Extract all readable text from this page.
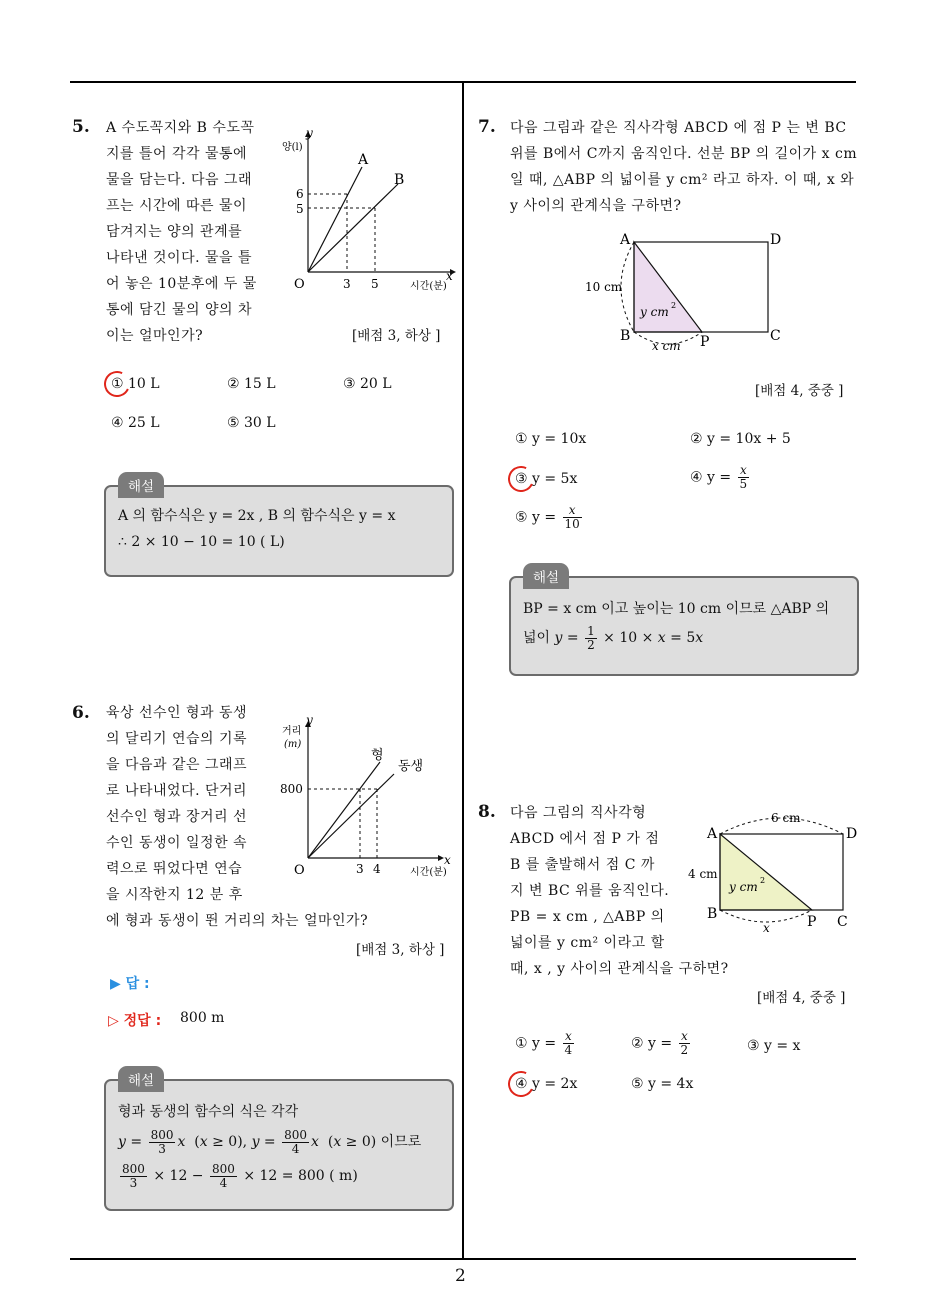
2
5. A 수도꼭지와 B 수도꼭
지를 틀어 각각 물통에
물을 담는다. 다음 그래
프는 시간에 따른 물이
담겨지는 양의 관계를
나타낸 것이다. 물을 틀
어 놓은 10분후에 두 물
통에 담긴 물의 양의 차
이는 얼마인가?
y
양(l)
6
5
O	3 5
x
시간(분)
A
B
[배점 3, 하상 ]
① 10 L	② 15 L	③ 20 L
④ 25 L	⑤ 30 L
해설
A 의 함수식은 y = 2x , B 의 함수식은 y = x
∴ 2 × 10 − 10 = 10 ( L)
6. 육상 선수인 형과 동생
의 달리기 연습의 기록
을 다음과 같은 그래프
로 나타내었다. 단거리
선수인 형과 장거리 선
수인 동생이 일정한 속
력으로 뛰었다면 연습
을 시작한지 12 분 후
에 형과 동생이 뛴 거리의 차는 얼마인가?
y
거리
(m)
800
O	3 4
x
시간(분)
형
동생
[배점 3, 하상 ]
▶ 답 :
▷ 정답 : 800 m
해설
형과 동생의 함수의 식은 각각
$y = \frac{800}{3}$ x  (x ≥ 0), $y = \frac{800}{4}$ x  (x ≥ 0) 이므로
$\frac{800}{3} \times 12 - \frac{800}{4} \times 12 = 800$ ( m)
7. 다음 그림과 같은 직사각형 ABCD 에 점 P 는 변 BC
위를 B에서 C까지 움직인다. 선분 BP 의 길이가 x cm
일 때, △ABP 의 넓이를 y cm² 라고 하자. 이 때, x 와
y 사이의 관계식을 구하면?
A	D
B	C
P
10 cm
y cm 2
x cm
[배점 4, 중중 ]
① y = 10x	② y = 10x + 5
③ y = 5x	④ $y = \frac{x}{5}$
⑤ $y = \frac{x}{10}$
해설
BP = x cm 이고 높이는 10 cm 이므로 △ABP 의
넓이 $y = \frac{1}{2} \times 10 \times x = 5x$
8. 다음 그림의 직사각형
ABCD 에서 점 P 가 점
B 를 출발해서 점 C 까
지 변 BC 위를 움직인다.
PB = x cm , △ABP 의
넓이를 y cm² 이라고 할
때, x , y 사이의 관계식을 구하면?
A	D
B	C
P
6 cm
4 cm
y cm 2
x
[배점 4, 중중 ]
① $y = \frac{x}{4}$	② $y = \frac{x}{2}$	③ y = x
④ y = 2x	⑤ y = 4x
